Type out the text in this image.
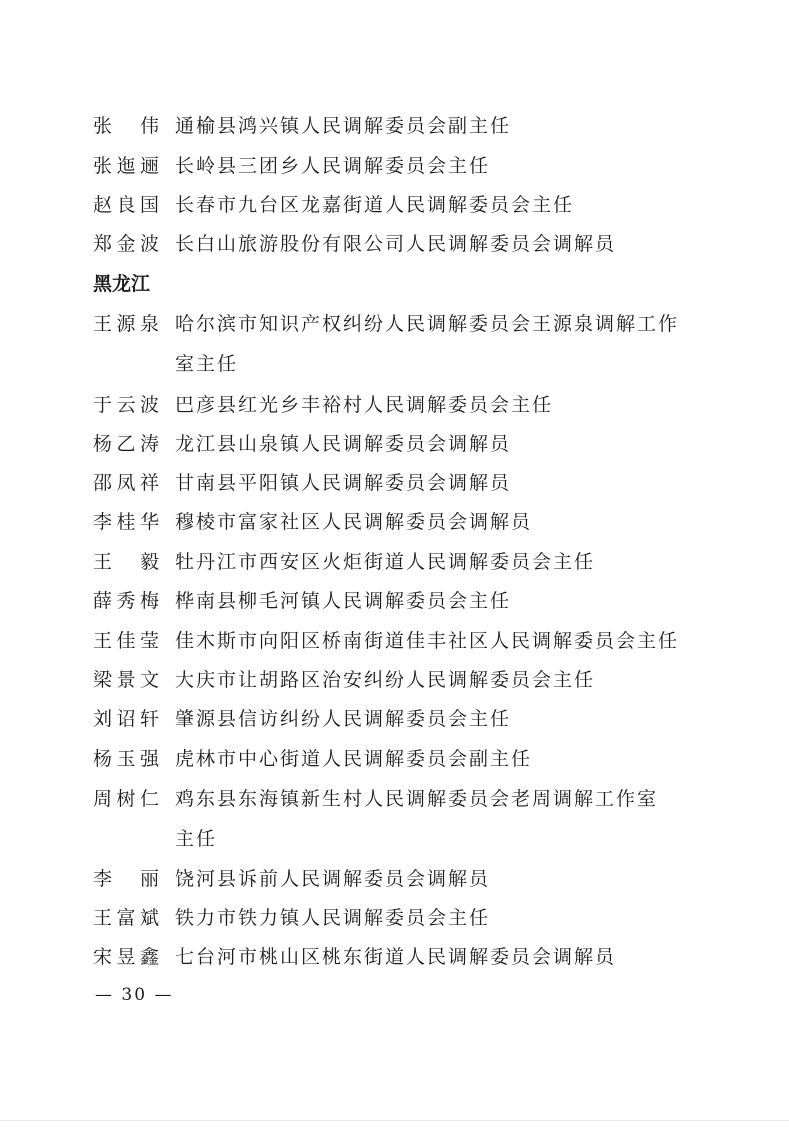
张　伟 通榆县鸿兴镇人民调解委员会副主任
张迤逦 长岭县三团乡人民调解委员会主任
赵良国 长春市九台区龙嘉街道人民调解委员会主任
郑金波 长白山旅游股份有限公司人民调解委员会调解员
黑龙江
王源泉 哈尔滨市知识产权纠纷人民调解委员会王源泉调解工作
室主任
于云波 巴彦县红光乡丰裕村人民调解委员会主任
杨乙涛 龙江县山泉镇人民调解委员会调解员
邵凤祥 甘南县平阳镇人民调解委员会调解员
李桂华 穆棱市富家社区人民调解委员会调解员
王　毅 牡丹江市西安区火炬街道人民调解委员会主任
薛秀梅 桦南县柳毛河镇人民调解委员会主任
王佳莹 佳木斯市向阳区桥南街道佳丰社区人民调解委员会主任
梁景文 大庆市让胡路区治安纠纷人民调解委员会主任
刘诏轩 肇源县信访纠纷人民调解委员会主任
杨玉强 虎林市中心街道人民调解委员会副主任
周树仁 鸡东县东海镇新生村人民调解委员会老周调解工作室
主任
李　丽 饶河县诉前人民调解委员会调解员
王富斌 铁力市铁力镇人民调解委员会主任
宋昱鑫 七台河市桃山区桃东街道人民调解委员会调解员
— 30 —
